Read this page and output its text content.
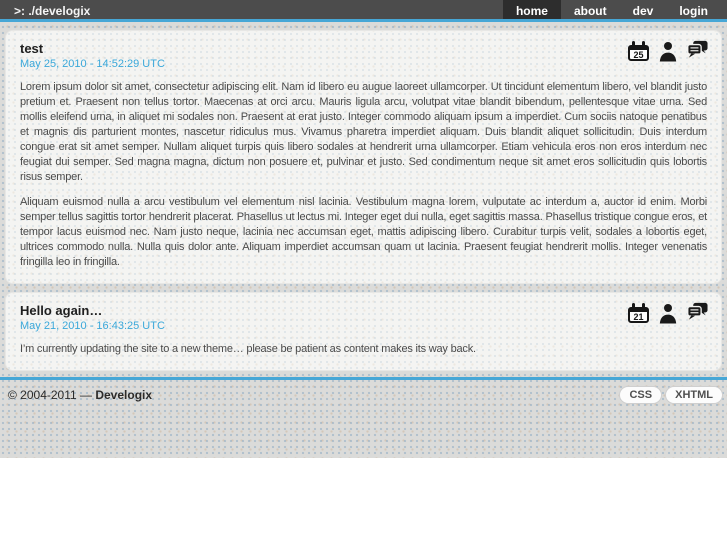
>: ./develogix	home	about	dev	login
25
test

May 25, 2010 - 14:52:29 UTC

Lorem ipsum dolor sit amet, consectetur adipiscing elit. Nam id libero eu augue laoreet ullamcorper. Ut tincidunt elementum libero, vel blandit justo pretium et. Praesent non tellus tortor. Maecenas at orci arcu. Mauris ligula arcu, volutpat vitae blandit bibendum, pellentesque vitae urna. Sed mollis eleifend urna, in aliquet mi sodales non. Praesent at erat justo. Integer commodo aliquam ipsum a imperdiet. Cum sociis natoque penatibus et magnis dis parturient montes, nascetur ridiculus mus. Vivamus pharetra imperdiet aliquam. Duis blandit aliquet sollicitudin. Duis interdum congue erat sit amet semper. Nullam aliquet turpis quis libero sodales at hendrerit urna ullamcorper. Etiam vehicula eros non eros interdum nec feugiat dui semper. Sed magna magna, dictum non posuere et, pulvinar et justo. Sed condimentum neque sit amet eros sollicitudin quis lobortis risus semper.

Aliquam euismod nulla a arcu vestibulum vel elementum nisl lacinia. Vestibulum magna lorem, vulputate ac interdum a, auctor id enim. Morbi semper tellus sagittis tortor hendrerit placerat. Phasellus ut lectus mi. Integer eget dui nulla, eget sagittis massa. Phasellus tristique congue eros, et tempor lacus euismod nec. Nam justo neque, lacinia nec accumsan eget, mattis adipiscing libero. Curabitur turpis velit, sodales a lobortis eget, ultrices commodo nulla. Nulla quis dolor ante. Aliquam imperdiet accumsan quam ut lacinia. Praesent feugiat hendrerit mollis. Integer venenatis fringilla leo in fringilla.

21
Hello again…

May 21, 2010 - 16:43:25 UTC

I’m currently updating the site to a new theme… please be patient as content makes its way back.

© 2004-2011 — Develogix	CSS	XHTML
